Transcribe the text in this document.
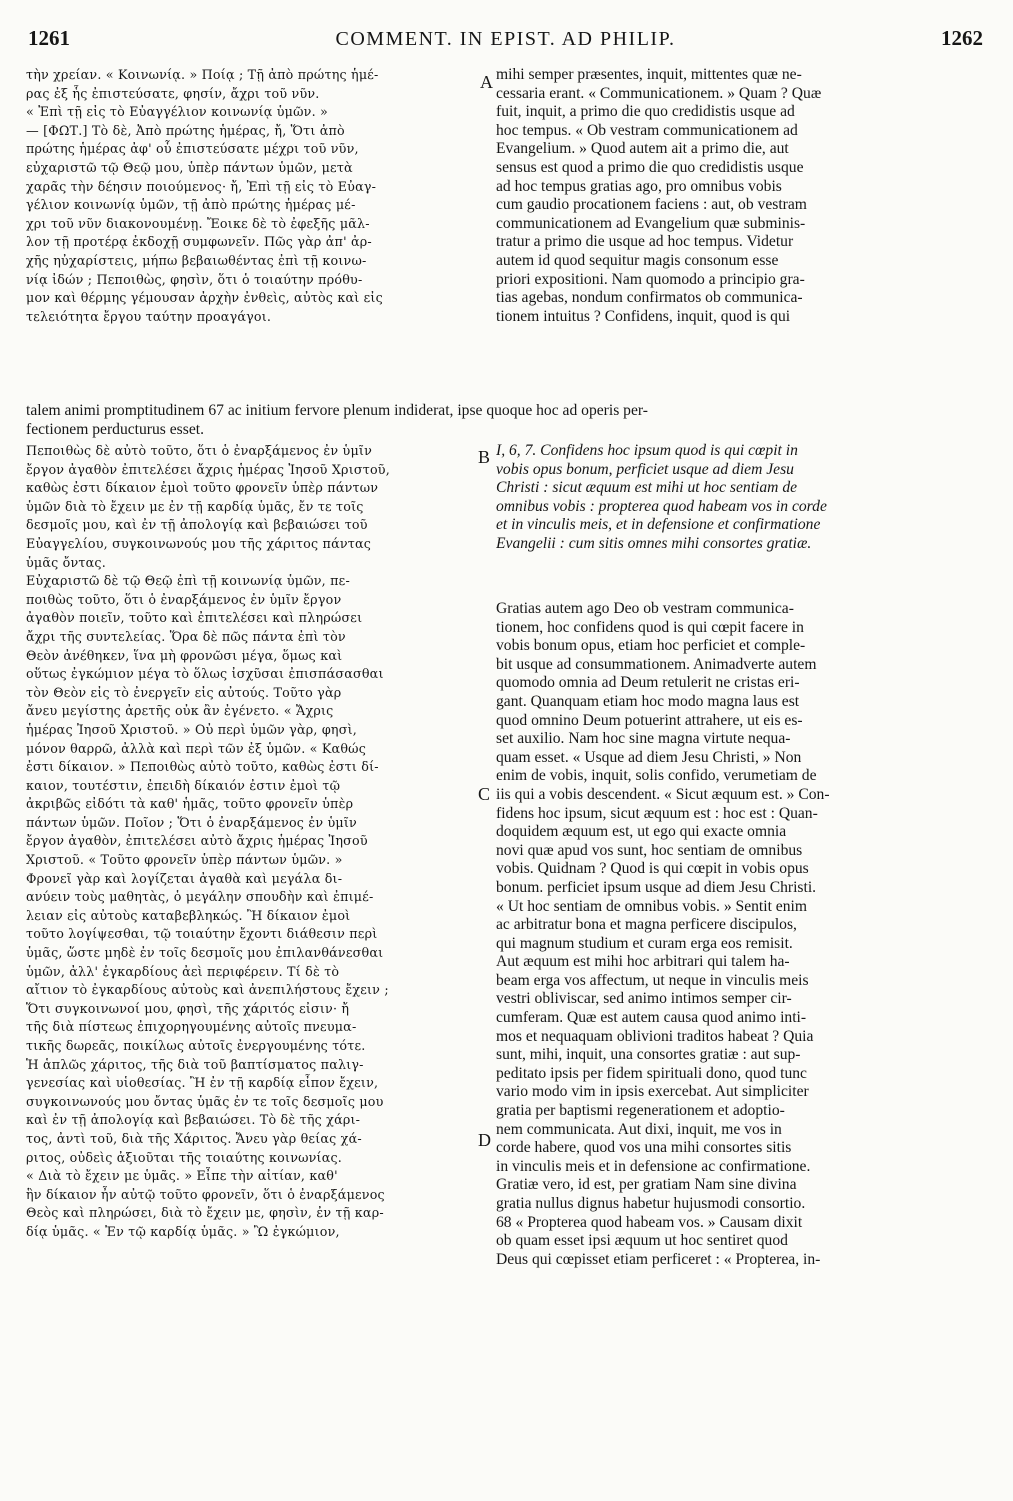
1261	COMMENT. IN EPIST. AD PHILIP.	1262
A
B
C
D
τὴν χρείαν. « Κοινωνίᾳ. » Ποίᾳ ; Τῇ ἀπὸ πρώτης ἡμέ-
ρας ἐξ ἧς ἐπιστεύσατε, φησίν, ἄχρι τοῦ νῦν.
« Ἐπὶ τῇ εἰς τὸ Εὐαγγέλιον κοινωνίᾳ ὑμῶν. »
— [ΦΩΤ.] Τὸ δὲ, Ἀπὸ πρώτης ἡμέρας, ἤ, Ὅτι ἀπὸ
πρώτης ἡμέρας ἀφ' οὗ ἐπιστεύσατε μέχρι τοῦ νῦν,
εὐχαριστῶ τῷ Θεῷ μου, ὑπὲρ πάντων ὑμῶν, μετὰ
χαρᾶς τὴν δέησιν ποιούμενος· ἤ, Ἐπὶ τῇ εἰς τὸ Εὐαγ-
γέλιον κοινωνίᾳ ὑμῶν, τῇ ἀπὸ πρώτης ἡμέρας μέ-
χρι τοῦ νῦν διακονουμένῃ. Ἔοικε δὲ τὸ ἐφεξῆς μᾶλ-
λον τῇ προτέρᾳ ἐκδοχῇ συμφωνεῖν. Πῶς γὰρ ἀπ' ἀρ-
χῆς ηὐχαρίστεις, μήπω βεβαιωθέντας ἐπὶ τῇ κοινω-
νίᾳ ἰδών ; Πεποιθὼς, φησὶν, ὅτι ὁ τοιαύτην πρόθυ-
μον καὶ θέρμης γέμουσαν ἀρχὴν ἐνθεὶς, αὐτὸς καὶ εἰς
τελειότητα ἔργου ταύτην προαγάγοι.
mihi semper præsentes, inquit, mittentes quæ ne-
cessaria erant. « Communicationem. » Quam ? Quæ
fuit, inquit, a primo die quo credidistis usque ad
hoc tempus. « Ob vestram communicationem ad
Evangelium. » Quod autem ait a primo die, aut
sensus est quod a primo die quo credidistis usque
ad hoc tempus gratias ago, pro omnibus vobis
cum gaudio procationem faciens : aut, ob vestram
communicationem ad Evangelium quæ subminis-
tratur a primo die usque ad hoc tempus. Videtur
autem id quod sequitur magis consonum esse
priori expositioni. Nam quomodo a principio gra-
tias agebas, nondum confirmatos ob communica-
tionem intuitus ? Confidens, inquit, quod is qui
talem animi promptitudinem 67 ac initium fervore plenum indiderat, ipse quoque hoc ad operis per-
fectionem perducturus esset.
Πεποιθὼς δὲ αὐτὸ τοῦτο, ὅτι ὁ ἐναρξάμενος ἐν ὑμῖν
ἔργον ἀγαθὸν ἐπιτελέσει ἄχρις ἡμέρας Ἰησοῦ Χριστοῦ,
καθὼς ἐστι δίκαιον ἐμοὶ τοῦτο φρονεῖν ὑπὲρ πάντων
ὑμῶν διὰ τὸ ἔχειν με ἐν τῇ καρδίᾳ ὑμᾶς, ἔν τε τοῖς
δεσμοῖς μου, καὶ ἐν τῇ ἀπολογίᾳ καὶ βεβαιώσει τοῦ
Εὐαγγελίου, συγκοινωνούς μου τῆς χάριτος πάντας
ὑμᾶς ὄντας.
Εὐχαριστῶ δὲ τῷ Θεῷ ἐπὶ τῇ κοινωνίᾳ ὑμῶν, πε-
ποιθὼς τοῦτο, ὅτι ὁ ἐναρξάμενος ἐν ὑμῖν ἔργον
ἀγαθὸν ποιεῖν, τοῦτο καὶ ἐπιτελέσει καὶ πληρώσει
ἄχρι τῆς συντελείας. Ὅρα δὲ πῶς πάντα ἐπὶ τὸν
Θεὸν ἀνέθηκεν, ἵνα μὴ φρονῶσι μέγα, ὅμως καὶ
οὕτως ἐγκώμιον μέγα τὸ ὅλως ἰσχῦσαι ἐπισπάσασθαι
τὸν Θεὸν εἰς τὸ ἐνεργεῖν εἰς αὐτούς. Τοῦτο γὰρ
ἄνευ μεγίστης ἀρετῆς οὐκ ἂν ἐγένετο. « Ἄχρις
ἡμέρας Ἰησοῦ Χριστοῦ. » Οὐ περὶ ὑμῶν γὰρ, φησὶ,
μόνον θαρρῶ, ἀλλὰ καὶ περὶ τῶν ἐξ ὑμῶν. « Καθώς
ἐστι δίκαιον. » Πεποιθὼς αὐτὸ τοῦτο, καθὼς ἐστι δί-
καιον, τουτέστιν, ἐπειδὴ δίκαιόν ἐστιν ἐμοὶ τῷ
ἀκριβῶς εἰδότι τὰ καθ' ἡμᾶς, τοῦτο φρονεῖν ὑπὲρ
πάντων ὑμῶν. Ποῖον ; Ὅτι ὁ ἐναρξάμενος ἐν ὑμῖν
ἔργον ἀγαθὸν, ἐπιτελέσει αὐτὸ ἄχρις ἡμέρας Ἰησοῦ
Χριστοῦ. « Τοῦτο φρονεῖν ὑπὲρ πάντων ὑμῶν. »
Φρονεῖ γὰρ καὶ λογίζεται ἀγαθὰ καὶ μεγάλα δι-
ανύειν τοὺς μαθητὰς, ὁ μεγάλην σπουδὴν καὶ ἐπιμέ-
λειαν εἰς αὐτοὺς καταβεβληκώς. Ἢ δίκαιον ἐμοὶ
τοῦτο λογίψεσθαι, τῷ τοιαύτην ἔχοντι διάθεσιν περὶ
ὑμᾶς, ὥστε μηδὲ ἐν τοῖς δεσμοῖς μου ἐπιλανθάνεσθαι
ὑμῶν, ἀλλ' ἐγκαρδίους ἀεὶ περιφέρειν. Τί δὲ τὸ
αἴτιον τὸ ἐγκαρδίους αὐτοὺς καὶ ἀνεπιλήστους ἔχειν ;
Ὅτι συγκοινωνοί μου, φησὶ, τῆς χάριτός εἰσιν· ἤ
τῆς διὰ πίστεως ἐπιχορηγουμένης αὐτοῖς πνευμα-
τικῆς δωρεᾶς, ποικίλως αὐτοῖς ἐνεργουμένης τότε.
Ἡ ἁπλῶς χάριτος, τῆς διὰ τοῦ βαπτίσματος παλιγ-
γενεσίας καὶ υἱοθεσίας. Ἢ ἐν τῇ καρδίᾳ εἶπον ἔχειν,
συγκοινωνούς μου ὄντας ὑμᾶς ἐν τε τοῖς δεσμοῖς μου
καὶ ἐν τῇ ἀπολογίᾳ καὶ βεβαιώσει. Τὸ δὲ τῆς χάρι-
τος, ἀντὶ τοῦ, διὰ τῆς Χάριτος. Ἄνευ γὰρ θείας χά-
ριτος, οὐδεὶς ἀξιοῦται τῆς τοιαύτης κοινωνίας.
« Διὰ τὸ ἔχειν με ὑμᾶς. » Εἶπε τὴν αἰτίαν, καθ'
ἣν δίκαιον ἦν αὐτῷ τοῦτο φρονεῖν, ὅτι ὁ ἐναρξάμενος
Θεὸς καὶ πληρώσει, διὰ τὸ ἔχειν με, φησὶν, ἐν τῇ καρ-
δίᾳ ὑμᾶς. « Ἐν τῷ καρδίᾳ ὑμᾶς. » Ὢ ἐγκώμιον,
I, 6, 7. Confidens hoc ipsum quod is qui cœpit in
vobis opus bonum, perficiet usque ad diem Jesu
Christi : sicut æquum est mihi ut hoc sentiam de
omnibus vobis : propterea quod habeam vos in corde
et in vinculis meis, et in defensione et confirmatione
Evangelii : cum sitis omnes mihi consortes gratiæ.
Gratias autem ago Deo ob vestram communica-
tionem, hoc confidens quod is qui cœpit facere in
vobis bonum opus, etiam hoc perficiet et comple-
bit usque ad consummationem. Animadverte autem
quomodo omnia ad Deum retulerit ne cristas eri-
gant. Quanquam etiam hoc modo magna laus est
quod omnino Deum potuerint attrahere, ut eis es-
set auxilio. Nam hoc sine magna virtute nequa-
quam esset. « Usque ad diem Jesu Christi, » Non
enim de vobis, inquit, solis confido, verumetiam de
iis qui a vobis descendent. « Sicut æquum est. » Con-
fidens hoc ipsum, sicut æquum est : hoc est : Quan-
doquidem æquum est, ut ego qui exacte omnia
novi quæ apud vos sunt, hoc sentiam de omnibus
vobis. Quidnam ? Quod is qui cœpit in vobis opus
bonum. perficiet ipsum usque ad diem Jesu Christi.
« Ut hoc sentiam de omnibus vobis. » Sentit enim
ac arbitratur bona et magna perficere discipulos,
qui magnum studium et curam erga eos remisit.
Aut æquum est mihi hoc arbitrari qui talem ha-
beam erga vos affectum, ut neque in vinculis meis
vestri obliviscar, sed animo intimos semper cir-
cumferam. Quæ est autem causa quod animo inti-
mos et nequaquam oblivioni traditos habeat ? Quia
sunt, mihi, inquit, una consortes gratiæ : aut sup-
peditato ipsis per fidem spirituali dono, quod tunc
vario modo vim in ipsis exercebat. Aut simpliciter
gratia per baptismi regenerationem et adoptio-
nem communicata. Aut dixi, inquit, me vos in
corde habere, quod vos una mihi consortes sitis
in vinculis meis et in defensione ac confirmatione.
Gratiæ vero, id est, per gratiam Nam sine divina
gratia nullus dignus habetur hujusmodi consortio.
68 « Propterea quod habeam vos. » Causam dixit
ob quam esset ipsi æquum ut hoc sentiret quod
Deus qui cœpisset etiam perficeret : « Propterea, in-
